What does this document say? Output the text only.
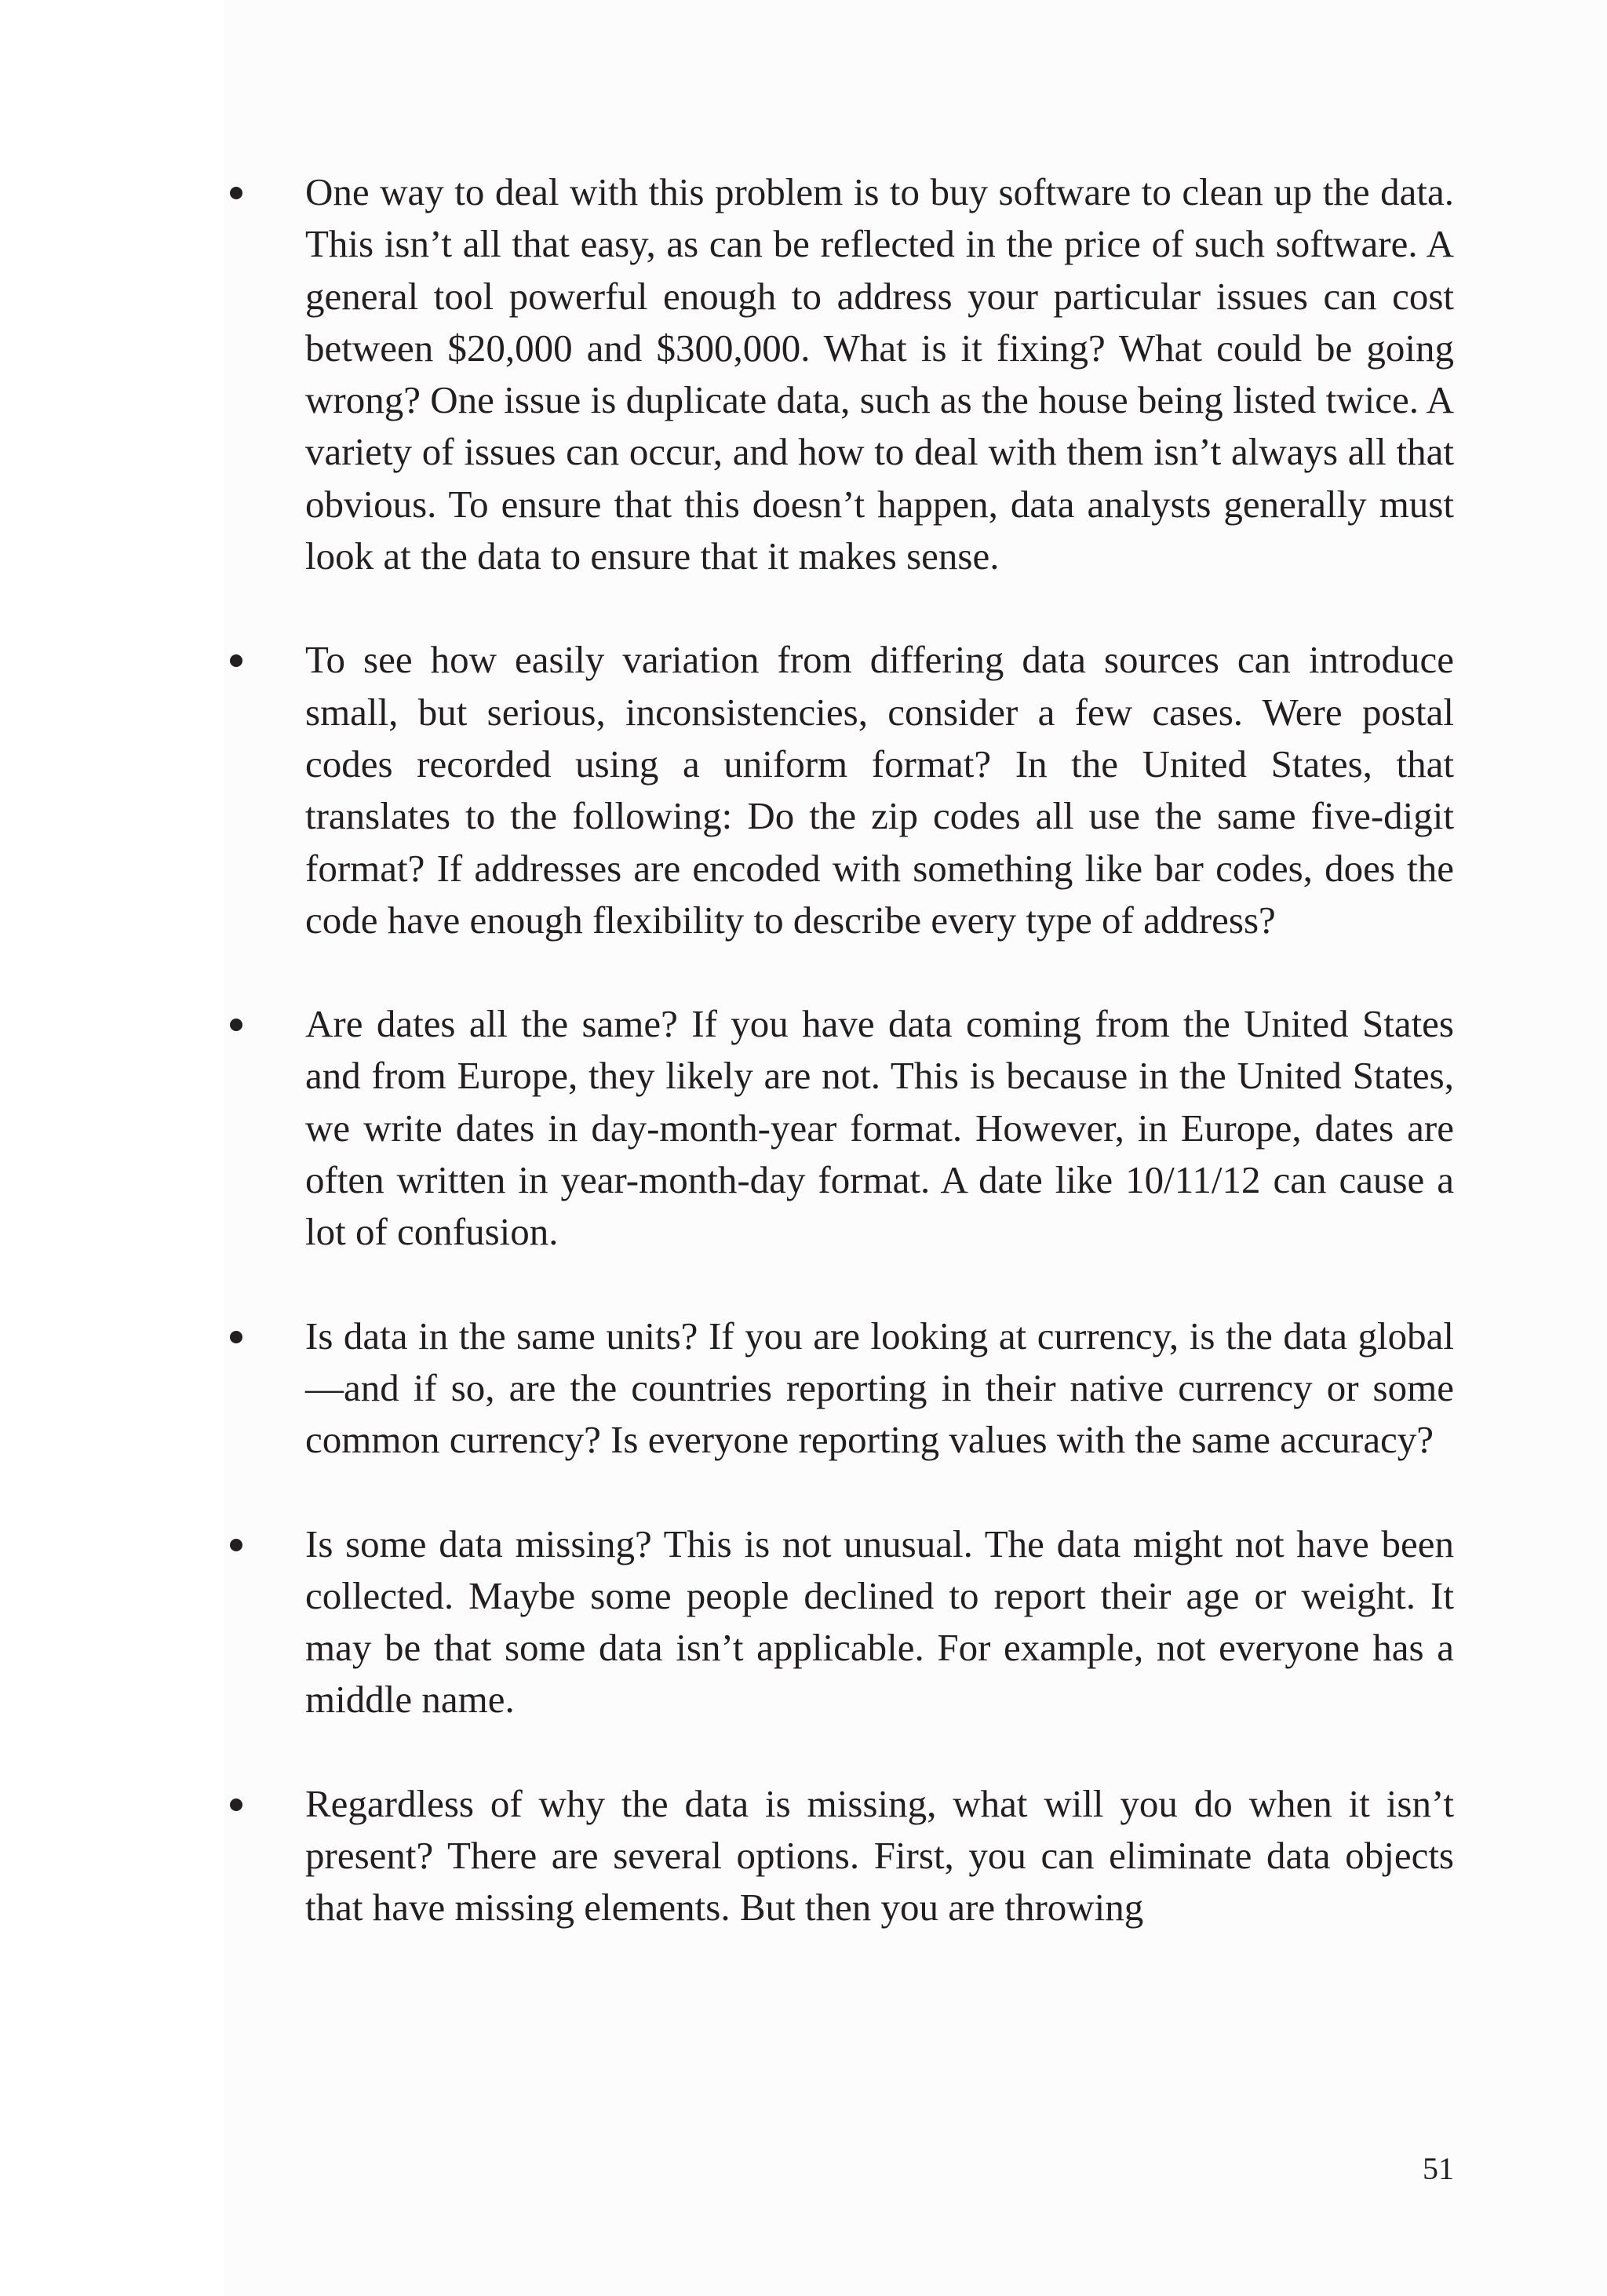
One way to deal with this problem is to buy software to clean up the data. This isn’t all that easy, as can be reflected in the price of such software. A general tool powerful enough to address your particular issues can cost between $20,000 and $300,000. What is it fixing? What could be going wrong? One issue is duplicate data, such as the house being listed twice. A variety of issues can occur, and how to deal with them isn’t always all that obvious. To ensure that this doesn’t happen, data analysts generally must look at the data to ensure that it makes sense.

To see how easily variation from differing data sources can introduce small, but serious, inconsistencies, consider a few cases. Were postal codes recorded using a uniform format? In the United States, that translates to the following: Do the zip codes all use the same five-digit format? If addresses are encoded with something like bar codes, does the code have enough flexibility to describe every type of address?

Are dates all the same? If you have data coming from the United States and from Europe, they likely are not. This is because in the United States, we write dates in day-month-year format. However, in Europe, dates are often written in year-month-day format. A date like 10/11/12 can cause a lot of confusion.

Is data in the same units? If you are looking at currency, is the data global—and if so, are the countries reporting in their native currency or some common currency? Is everyone reporting values with the same accuracy?

Is some data missing? This is not unusual. The data might not have been collected. Maybe some people declined to report their age or weight. It may be that some data isn’t applicable. For example, not everyone has a middle name.

Regardless of why the data is missing, what will you do when it isn’t present? There are several options. First, you can eliminate data objects that have missing elements. But then you are throwing

51
